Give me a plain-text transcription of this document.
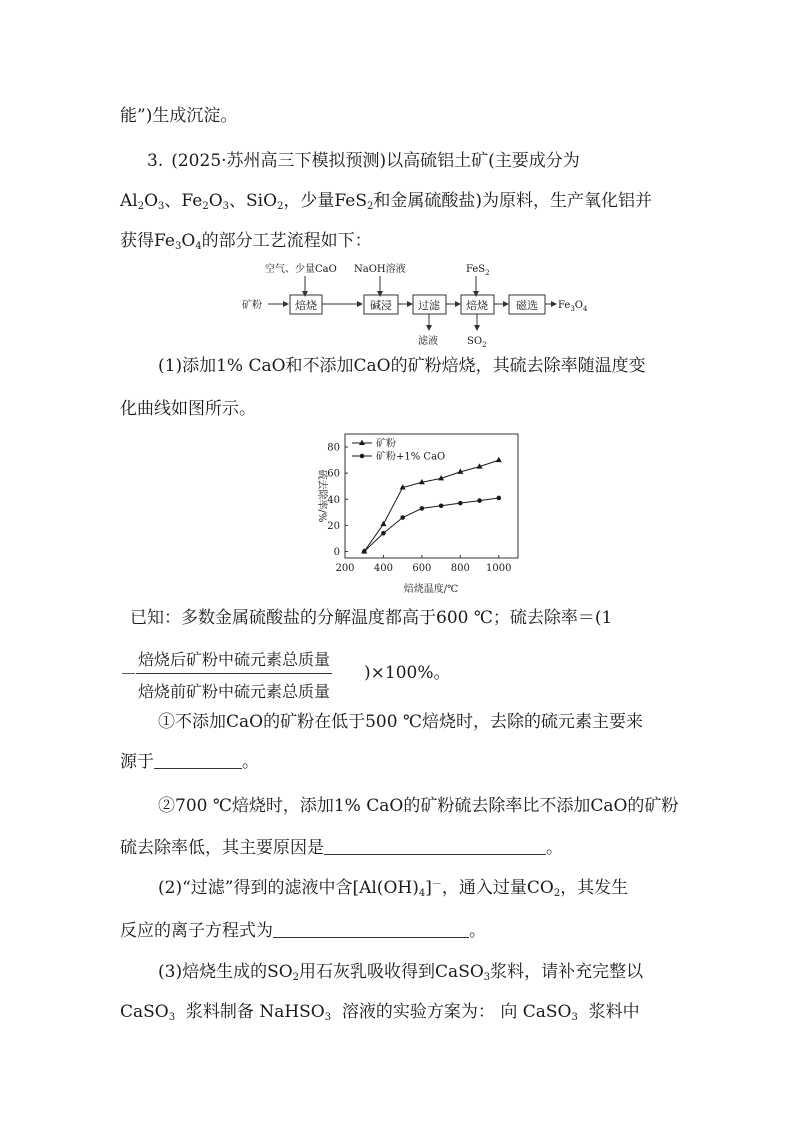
能”)生成沉淀。
3. (2025·苏州高三下模拟预测)以高硫铝土矿(主要成分为
$Al_2O_3$、$Fe_2O_3$、SiO$_2$，少量FeS$_2$和金属硫酸盐)为原料，生产氧化铝并
获得$Fe_3O_4$的部分工艺流程如下：
空气、少量CaO NaOH溶液	FeS$_2$
矿粉	焙烧	碱浸 过滤 焙烧	磁选 $Fe_3O_4$
滤液	$SO_2$
(1)添加1% CaO和不添加CaO的矿粉焙烧，其硫去除率随温度变
化曲线如图所示。
0
20
40
60
80
200 400 600 800 1000
矿粉
矿粉+1% CaO
硫去除率/%
焙烧温度/℃
已知：多数金属硫酸盐的分解温度都高于600 ℃；硫去除率＝(1
－
焙烧后矿粉中硫元素总质量
焙烧前矿粉中硫元素总质量
)×100%。
①不添加CaO的矿粉在低于500 ℃焙烧时，去除的硫元素主要来
源于	。
②700 ℃焙烧时，添加1% CaO的矿粉硫去除率比不添加CaO的矿粉
硫去除率低，其主要原因是	。
(2)“过滤”得到的滤液中含$[Al(OH)_4]^-$，通入过量$CO_2$，其发生
反应的离子方程式为	。
(3)焙烧生成的$SO_2$用石灰乳吸收得到CaSO$_3$浆料，请补充完整以
CaSO$_3$  浆料制备 NaHSO$_3$  溶液的实验方案为： 向 CaSO$_3$  浆料中
